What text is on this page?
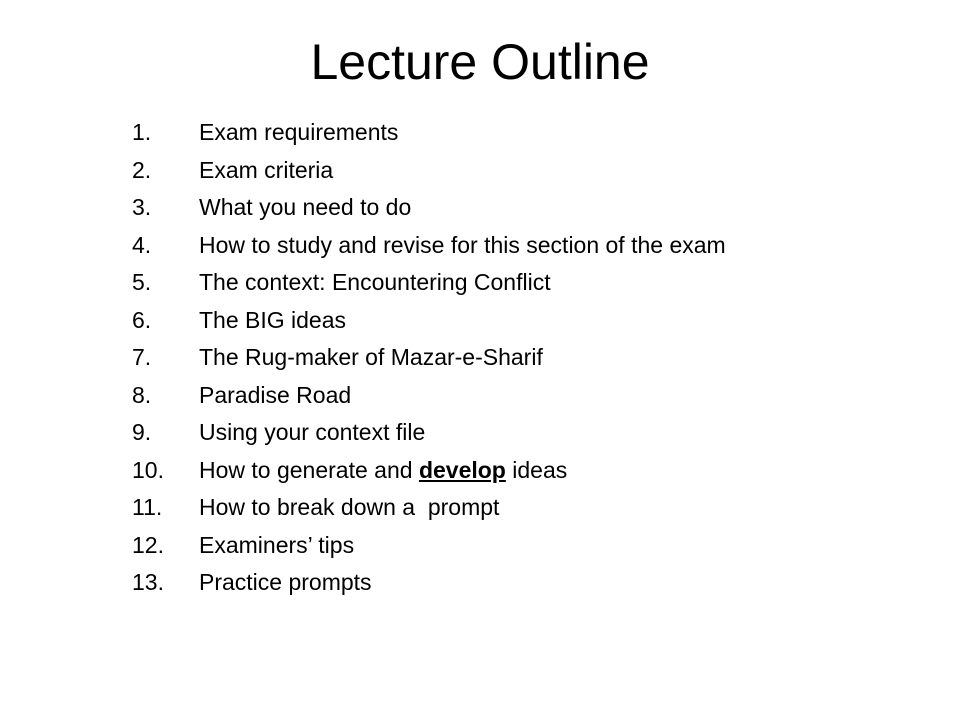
Lecture Outline
1.	Exam requirements
2.	Exam criteria
3.	What you need to do
4.	How to study and revise for this section of the exam
5.	The context: Encountering Conflict
6.	The BIG ideas
7.	The Rug-maker of Mazar-e-Sharif
8.	Paradise Road
9.	Using your context file
10.	How to generate and develop ideas
11.	How to break down a  prompt
12.	Examiners’ tips
13.	Practice prompts
